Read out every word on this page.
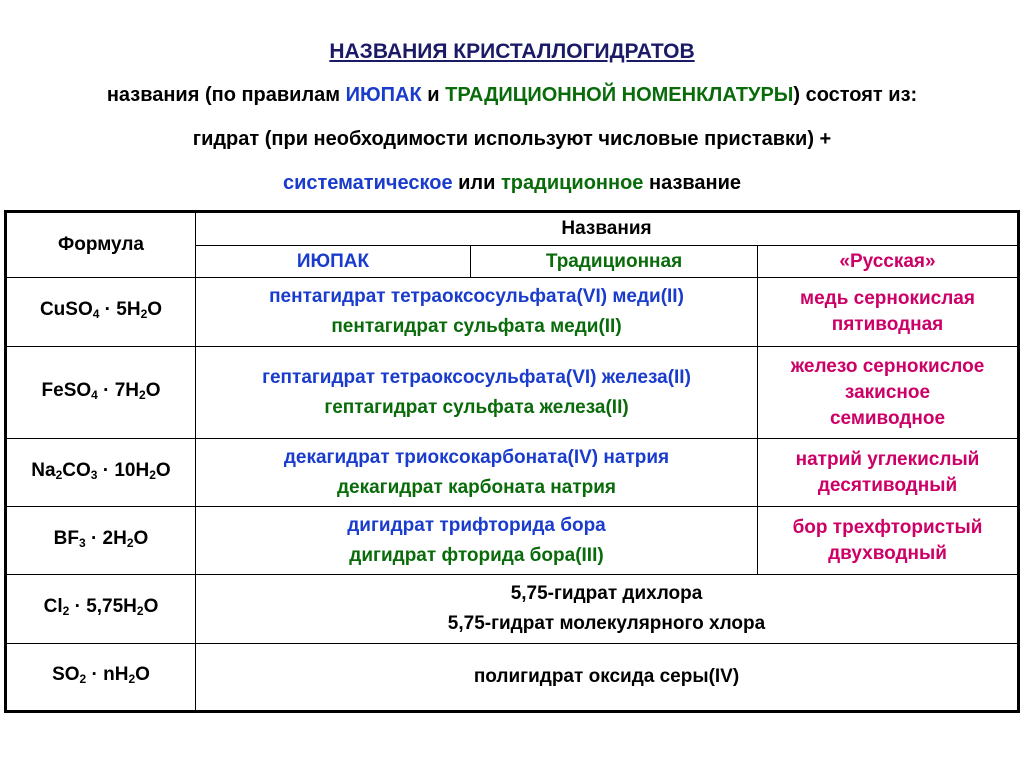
НАЗВАНИЯ КРИСТАЛЛОГИДРАТОВ
названия (по правилам ИЮПАК и ТРАДИЦИОННОЙ НОМЕНКЛАТУРЫ) состоят из:
гидрат (при необходимости используют числовые приставки) +
систематическое или традиционное название
Формула	Названия		
	ИЮПАК	Традиционная	«Русская»
CuSO$_4$ · $5H_2O$	пентагидрат тетраоксосульфата(VI) меди(II)
пентагидрат сульфата меди(II)		медь сернокислая
пятиводная

FeSO$_4$ · $7H_2O$	гептагидрат тетраоксосульфата(VI) железа(II)
гептагидрат сульфата железа(II)		железо сернокислое
закисное
семиводное

$Na_2CO_3 \cdot 10H_2O$	декагидрат триоксокарбоната(IV) натрия
декагидрат карбоната натрия		натрий углекислый
десятиводный

$BF_3 \cdot 2H_2O$	дигидрат трифторида бора
дигидрат фторида бора(III)		бор трехфтористый
двухводный

$Cl_2 \cdot 5,75H_2O$	5,75-гидрат дихлора
5,75-гидрат молекулярного хлора		

$SO_2 \cdot nH_2O$	полигидрат оксида серы(IV)		
